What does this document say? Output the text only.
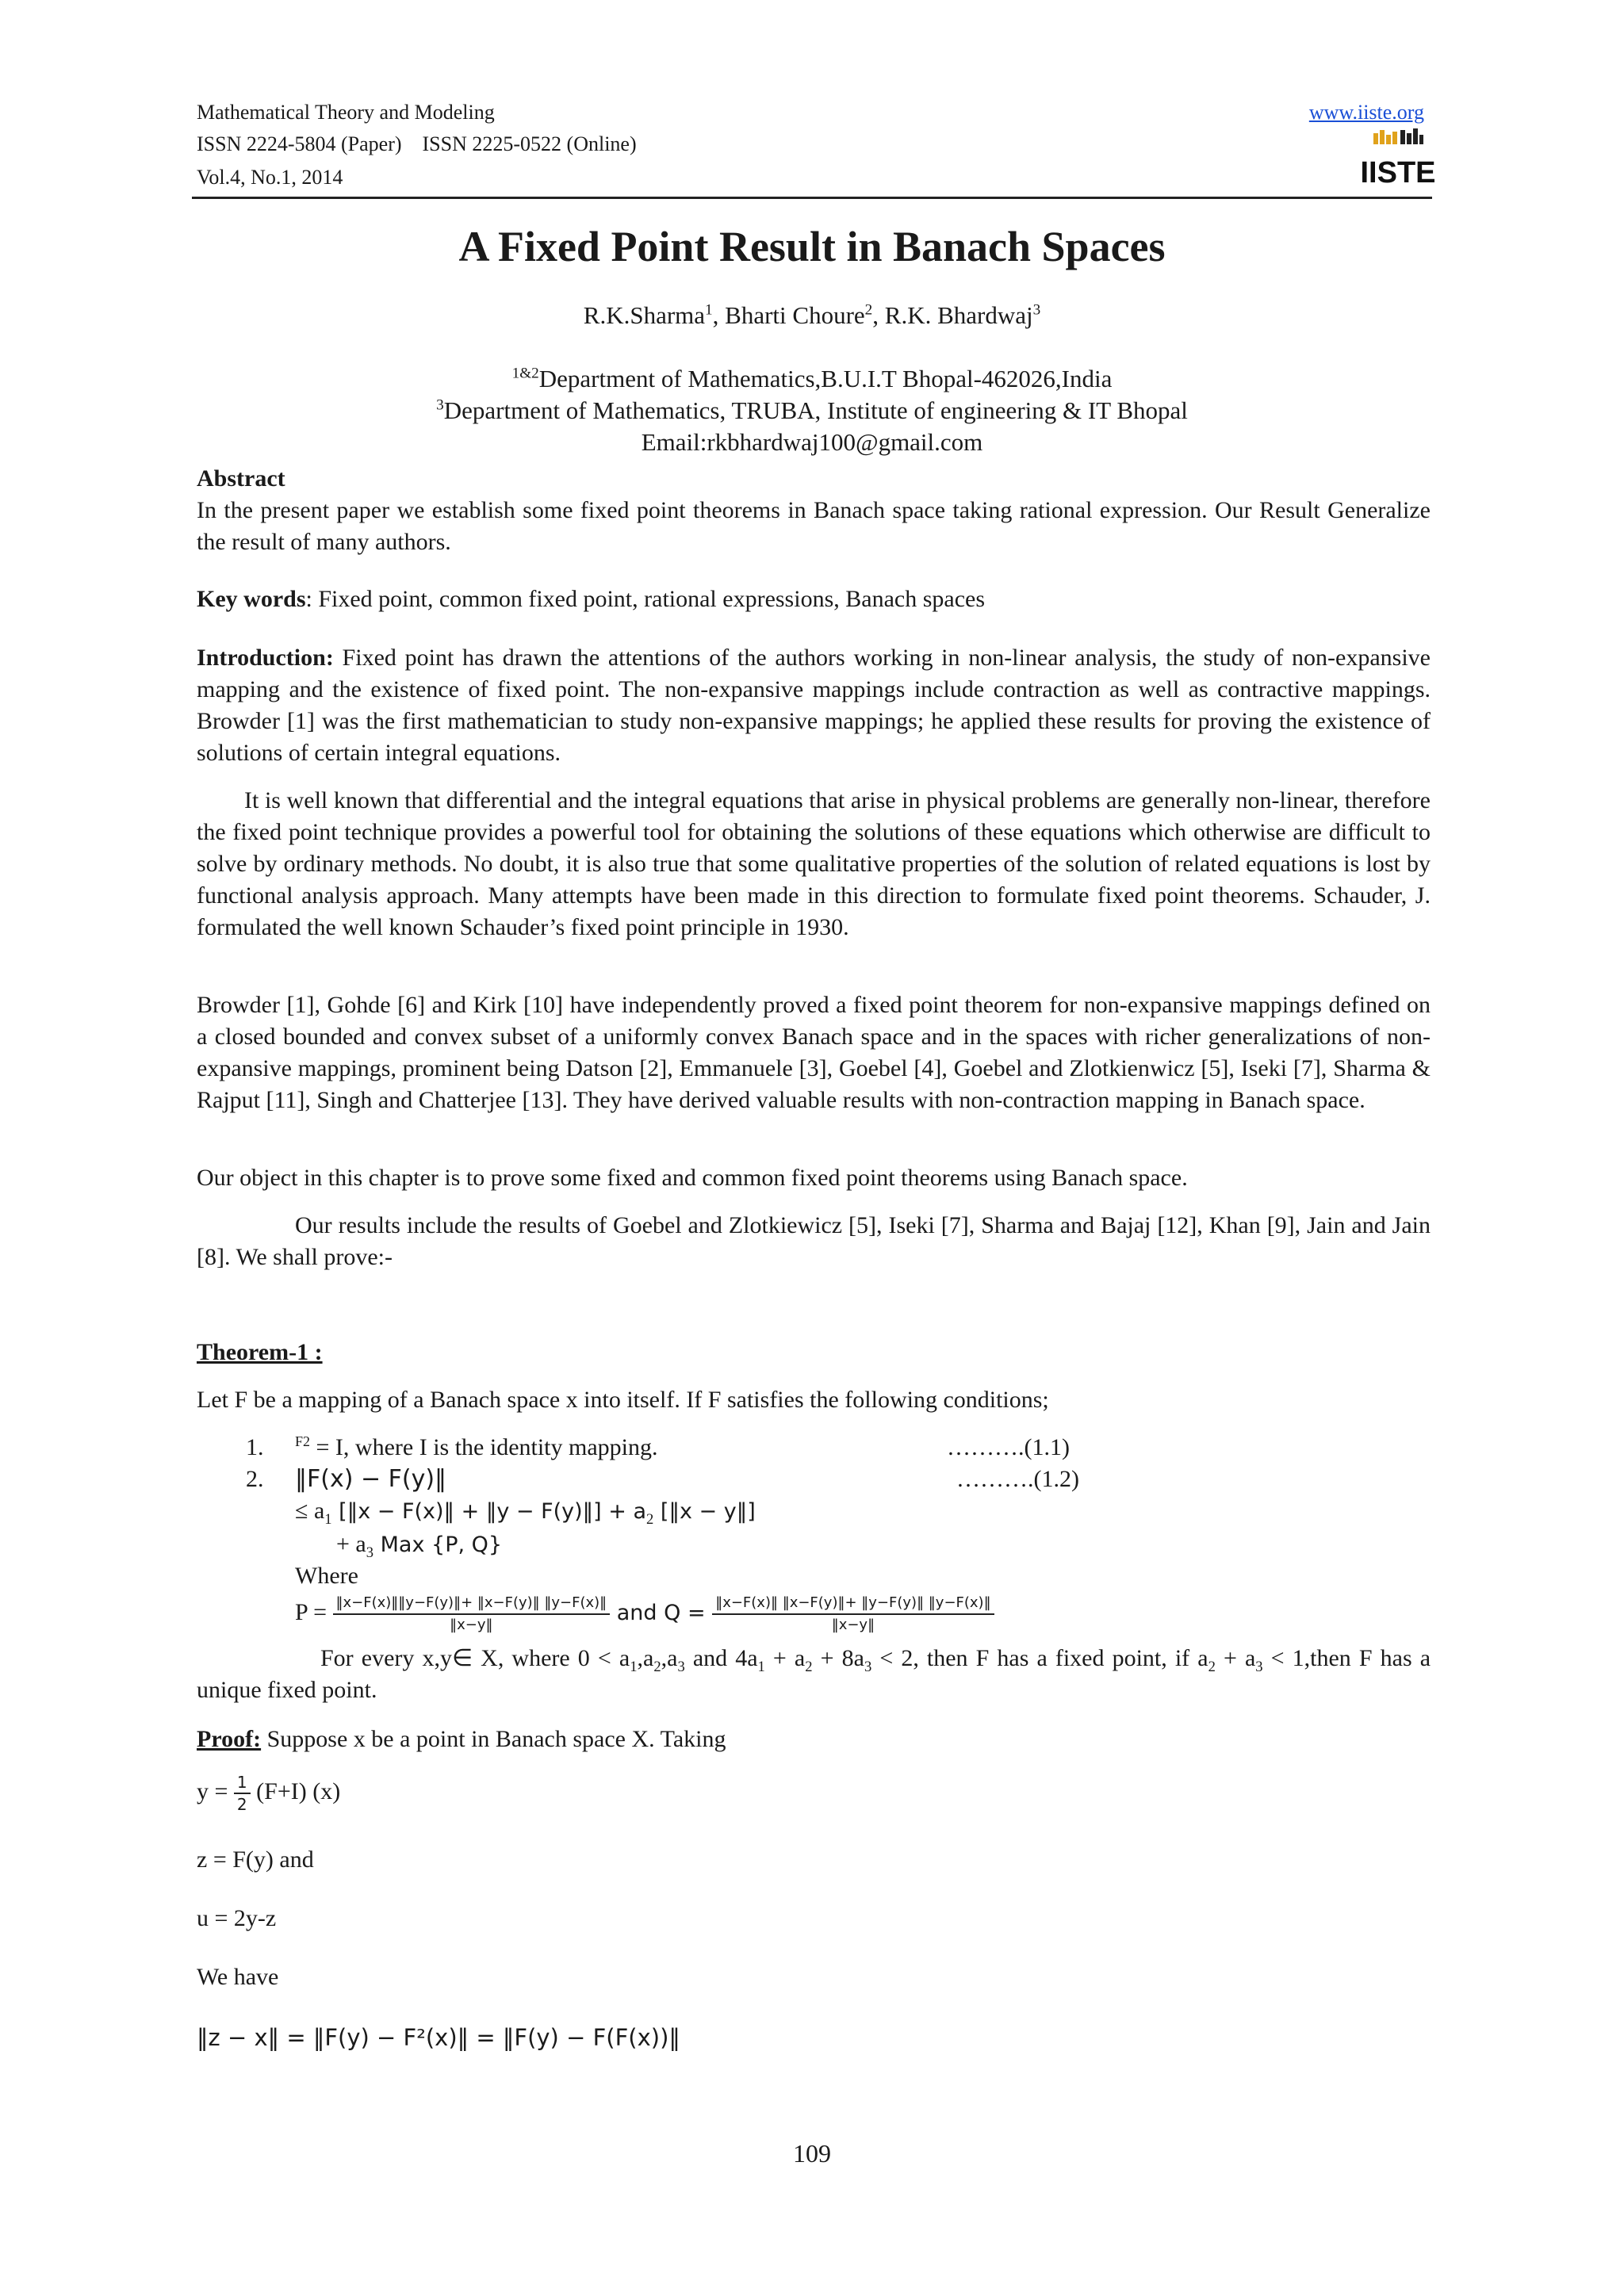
Mathematical Theory and Modeling
ISSN 2224-5804 (Paper)    ISSN 2225-0522 (Online)
Vol.4, No.1, 2014
www.iiste.org
IISTE
A Fixed Point Result in Banach Spaces
R.K.Sharma$^1$, Bharti Choure$^2$, R.K. Bhardwaj$^3$
$^{1\&2}$Department of Mathematics,B.U.I.T Bhopal-462026,India
$^3$Department of Mathematics, TRUBA, Institute of engineering & IT Bhopal
Email:rkbhardwaj100@gmail.com
Abstract
In the present paper we establish some fixed point theorems in Banach space taking rational expression. Our Result Generalize the result of many authors.
Key words: Fixed point, common fixed point, rational expressions, Banach spaces
Introduction: Fixed point has drawn the attentions of the authors working in non-linear analysis, the study of non-expansive mapping and the existence of fixed point. The non-expansive mappings include contraction as well as contractive mappings. Browder [1] was the first mathematician to study non-expansive mappings; he applied these results for proving the existence of solutions of certain integral equations.
It is well known that differential and the integral equations that arise in physical problems are generally non-linear, therefore the fixed point technique provides a powerful tool for obtaining the solutions of these equations which otherwise are difficult to solve by ordinary methods. No doubt, it is also true that some qualitative properties of the solution of related equations is lost by functional analysis approach. Many attempts have been made in this direction to formulate fixed point theorems. Schauder, J. formulated the well known Schauder’s fixed point principle in 1930.
Browder [1], Gohde [6] and Kirk [10] have independently proved a fixed point theorem for non-expansive mappings defined on a closed bounded and convex subset of a uniformly convex Banach space and in the spaces with richer generalizations of non-expansive mappings, prominent being Datson [2], Emmanuele [3], Goebel [4], Goebel and Zlotkienwicz [5], Iseki [7], Sharma & Rajput [11], Singh and Chatterjee [13]. They have derived valuable results with non-contraction mapping in Banach space.
Our object in this chapter is to prove some fixed and common fixed point theorems using Banach space.
Our results include the results of Goebel and Zlotkiewicz [5], Iseki [7], Sharma and Bajaj [12], Khan [9], Jain and Jain [8]. We shall prove:-
Theorem-1 :
Let F be a mapping of a Banach space x into itself. If F satisfies the following conditions;
1. $^{F2}$ = I, where I is the identity mapping.	……….(1.1)
2. ‖F(x) − F(y)‖	……….(1.2)
≤ $a_1$ [‖x − F(x)‖ + ‖y − F(y)‖] + $a_2$ [‖x − y‖]
+ $a_3$ Max {P, Q}
Where
$P = \frac{‖x-F(x)‖‖y-F(y)‖+ ‖x-F(y)‖ ‖y-F(x)‖}{‖x-y‖}$ and $Q = \frac{‖x-F(x)‖ ‖x-F(y)‖+ ‖y-F(y)‖ ‖y-F(x)‖}{‖x-y‖}$
For every x,y∈ X, where $0 < a_1,a_2,a_3$ and $4a_1 + a_2 + 8a_3 < 2$, then F has a fixed point, if $a_2 + a_3$ < 1,then F has a unique fixed point.
Proof: Suppose x be a point in Banach space X. Taking
$y = \frac{1}{2} (F+I)$ (x)
z = F(y) and
u = 2y-z
We have
‖z − x‖ = ‖F(y) − F²(x)‖ = ‖F(y) − F(F(x))‖
109
